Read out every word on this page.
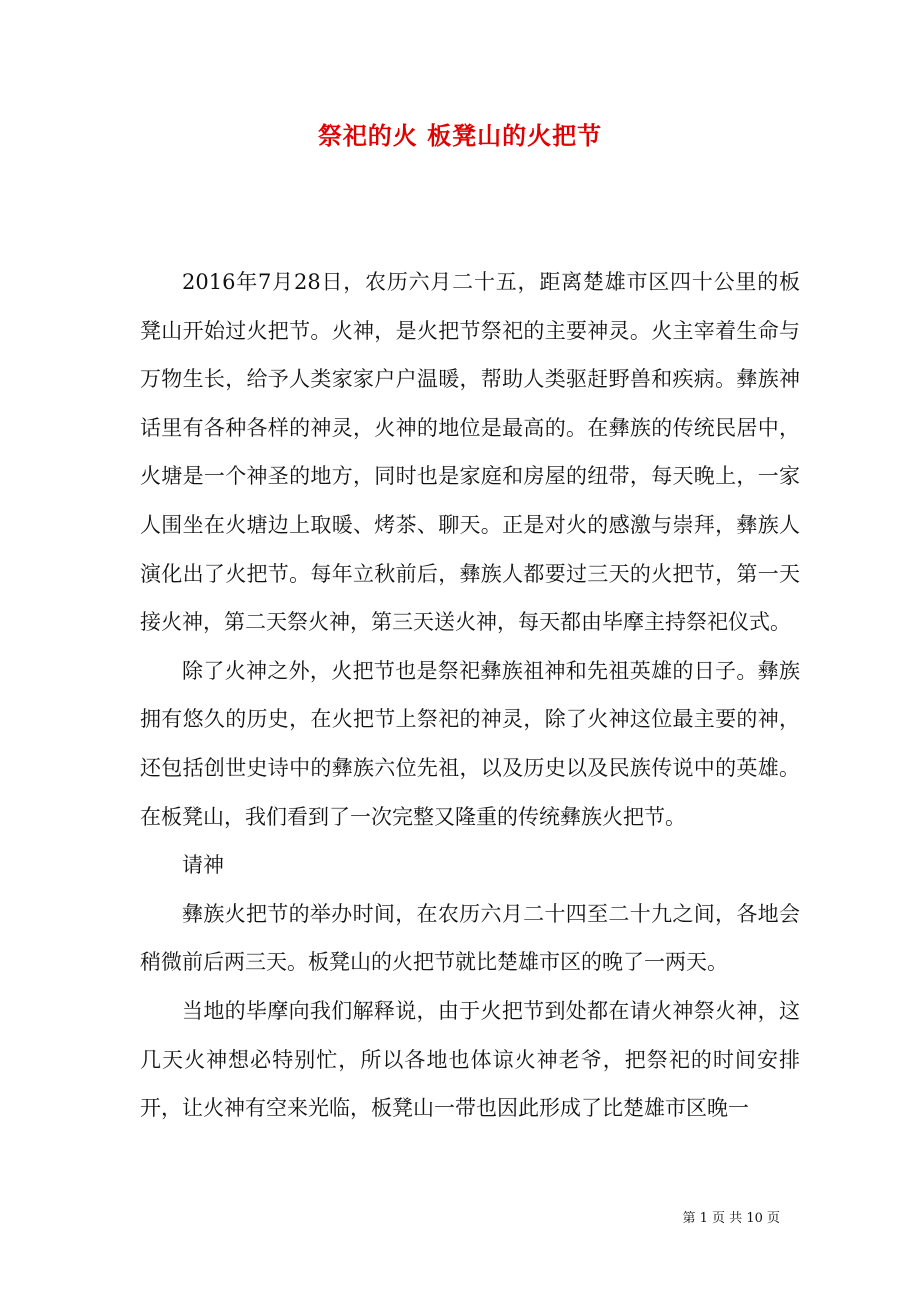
祭祀的火 板凳山的火把节

2016年7月28日，农历六月二十五，距离楚雄市区四十公里的板凳山开始过火把节。火神，是火把节祭祀的主要神灵。火主宰着生命与万物生长，给予人类家家户户温暖，帮助人类驱赶野兽和疾病。彝族神话里有各种各样的神灵，火神的地位是最高的。在彝族的传统民居中，火塘是一个神圣的地方，同时也是家庭和房屋的纽带，每天晚上，一家人围坐在火塘边上取暖、烤茶、聊天。正是对火的感激与崇拜，彝族人演化出了火把节。每年立秋前后，彝族人都要过三天的火把节，第一天接火神，第二天祭火神，第三天送火神，每天都由毕摩主持祭祀仪式。

除了火神之外，火把节也是祭祀彝族祖神和先祖英雄的日子。彝族拥有悠久的历史，在火把节上祭祀的神灵，除了火神这位最主要的神，还包括创世史诗中的彝族六位先祖，以及历史以及民族传说中的英雄。在板凳山，我们看到了一次完整又隆重的传统彝族火把节。

请神

彝族火把节的举办时间，在农历六月二十四至二十九之间，各地会稍微前后两三天。板凳山的火把节就比楚雄市区的晚了一两天。

当地的毕摩向我们解释说，由于火把节到处都在请火神祭火神，这几天火神想必特别忙，所以各地也体谅火神老爷，把祭祀的时间安排开，让火神有空来光临，板凳山一带也因此形成了比楚雄市区晚一

第 1 页 共 10 页
